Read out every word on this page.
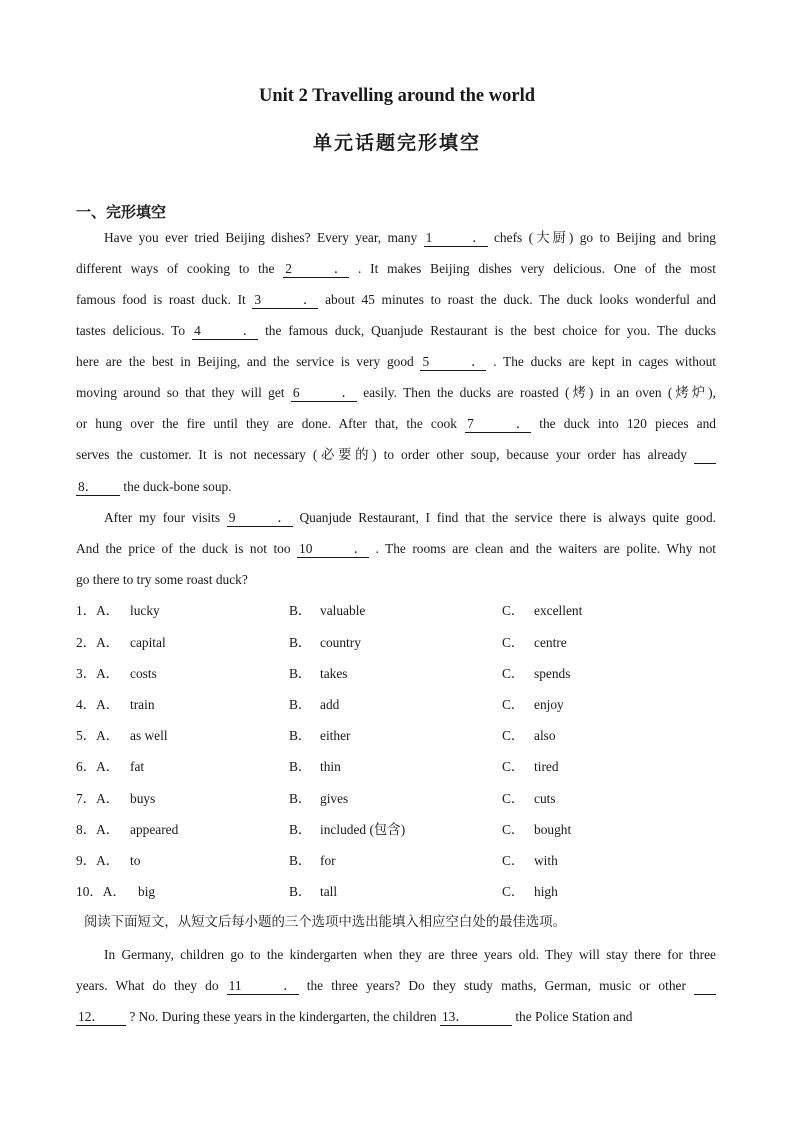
Unit 2 Travelling around the world
单元话题完形填空
一、完形填空
Have you ever tried Beijing dishes? Every year, many 1． chefs (大厨) go to Beijing and bring
different ways of cooking to the 2． . It makes Beijing dishes very delicious. One of the most
famous food is roast duck. It 3． about 45 minutes to roast the duck. The duck looks wonderful and
tastes delicious. To 4． the famous duck, Quanjude Restaurant is the best choice for you. The ducks
here are the best in Beijing, and the service is very good 5． . The ducks are kept in cages without
moving around so that they will get 6． easily. Then the ducks are roasted (烤) in an oven (烤炉),
or hung over the fire until they are done. After that, the cook 7． the duck into 120 pieces and
serves the customer. It is not necessary (必要的) to order other soup, because your order has already
8． the duck-bone soup.
After my four visits 9． Quanjude Restaurant, I find that the service there is always quite good.
And the price of the duck is not too 10． . The rooms are clean and the waiters are polite. Why not
go there to try some roast duck?
1．A． lucky	B． valuable	C． excellent
2．A． capital	B． country	C． centre
3．A． costs	B． takes	C． spends
4．A． train	B． add	C． enjoy
5．A． as well	B． either	C． also
6．A． fat	B． thin	C． tired
7．A． buys	B． gives	C． cuts
8．A． appeared	B． included (包含)	C． bought
9．A． to	B． for	C． with
10．A． big	B． tall	C． high
阅读下面短文，从短文后每小题的三个选项中选出能填入相应空白处的最佳选项。
In Germany, children go to the kindergarten when they are three years old. They will stay there for three
years. What do they do 11． the three years? Do they study maths, German, music or other
12． ? No. During these years in the kindergarten, the children 13．	the Police Station and
